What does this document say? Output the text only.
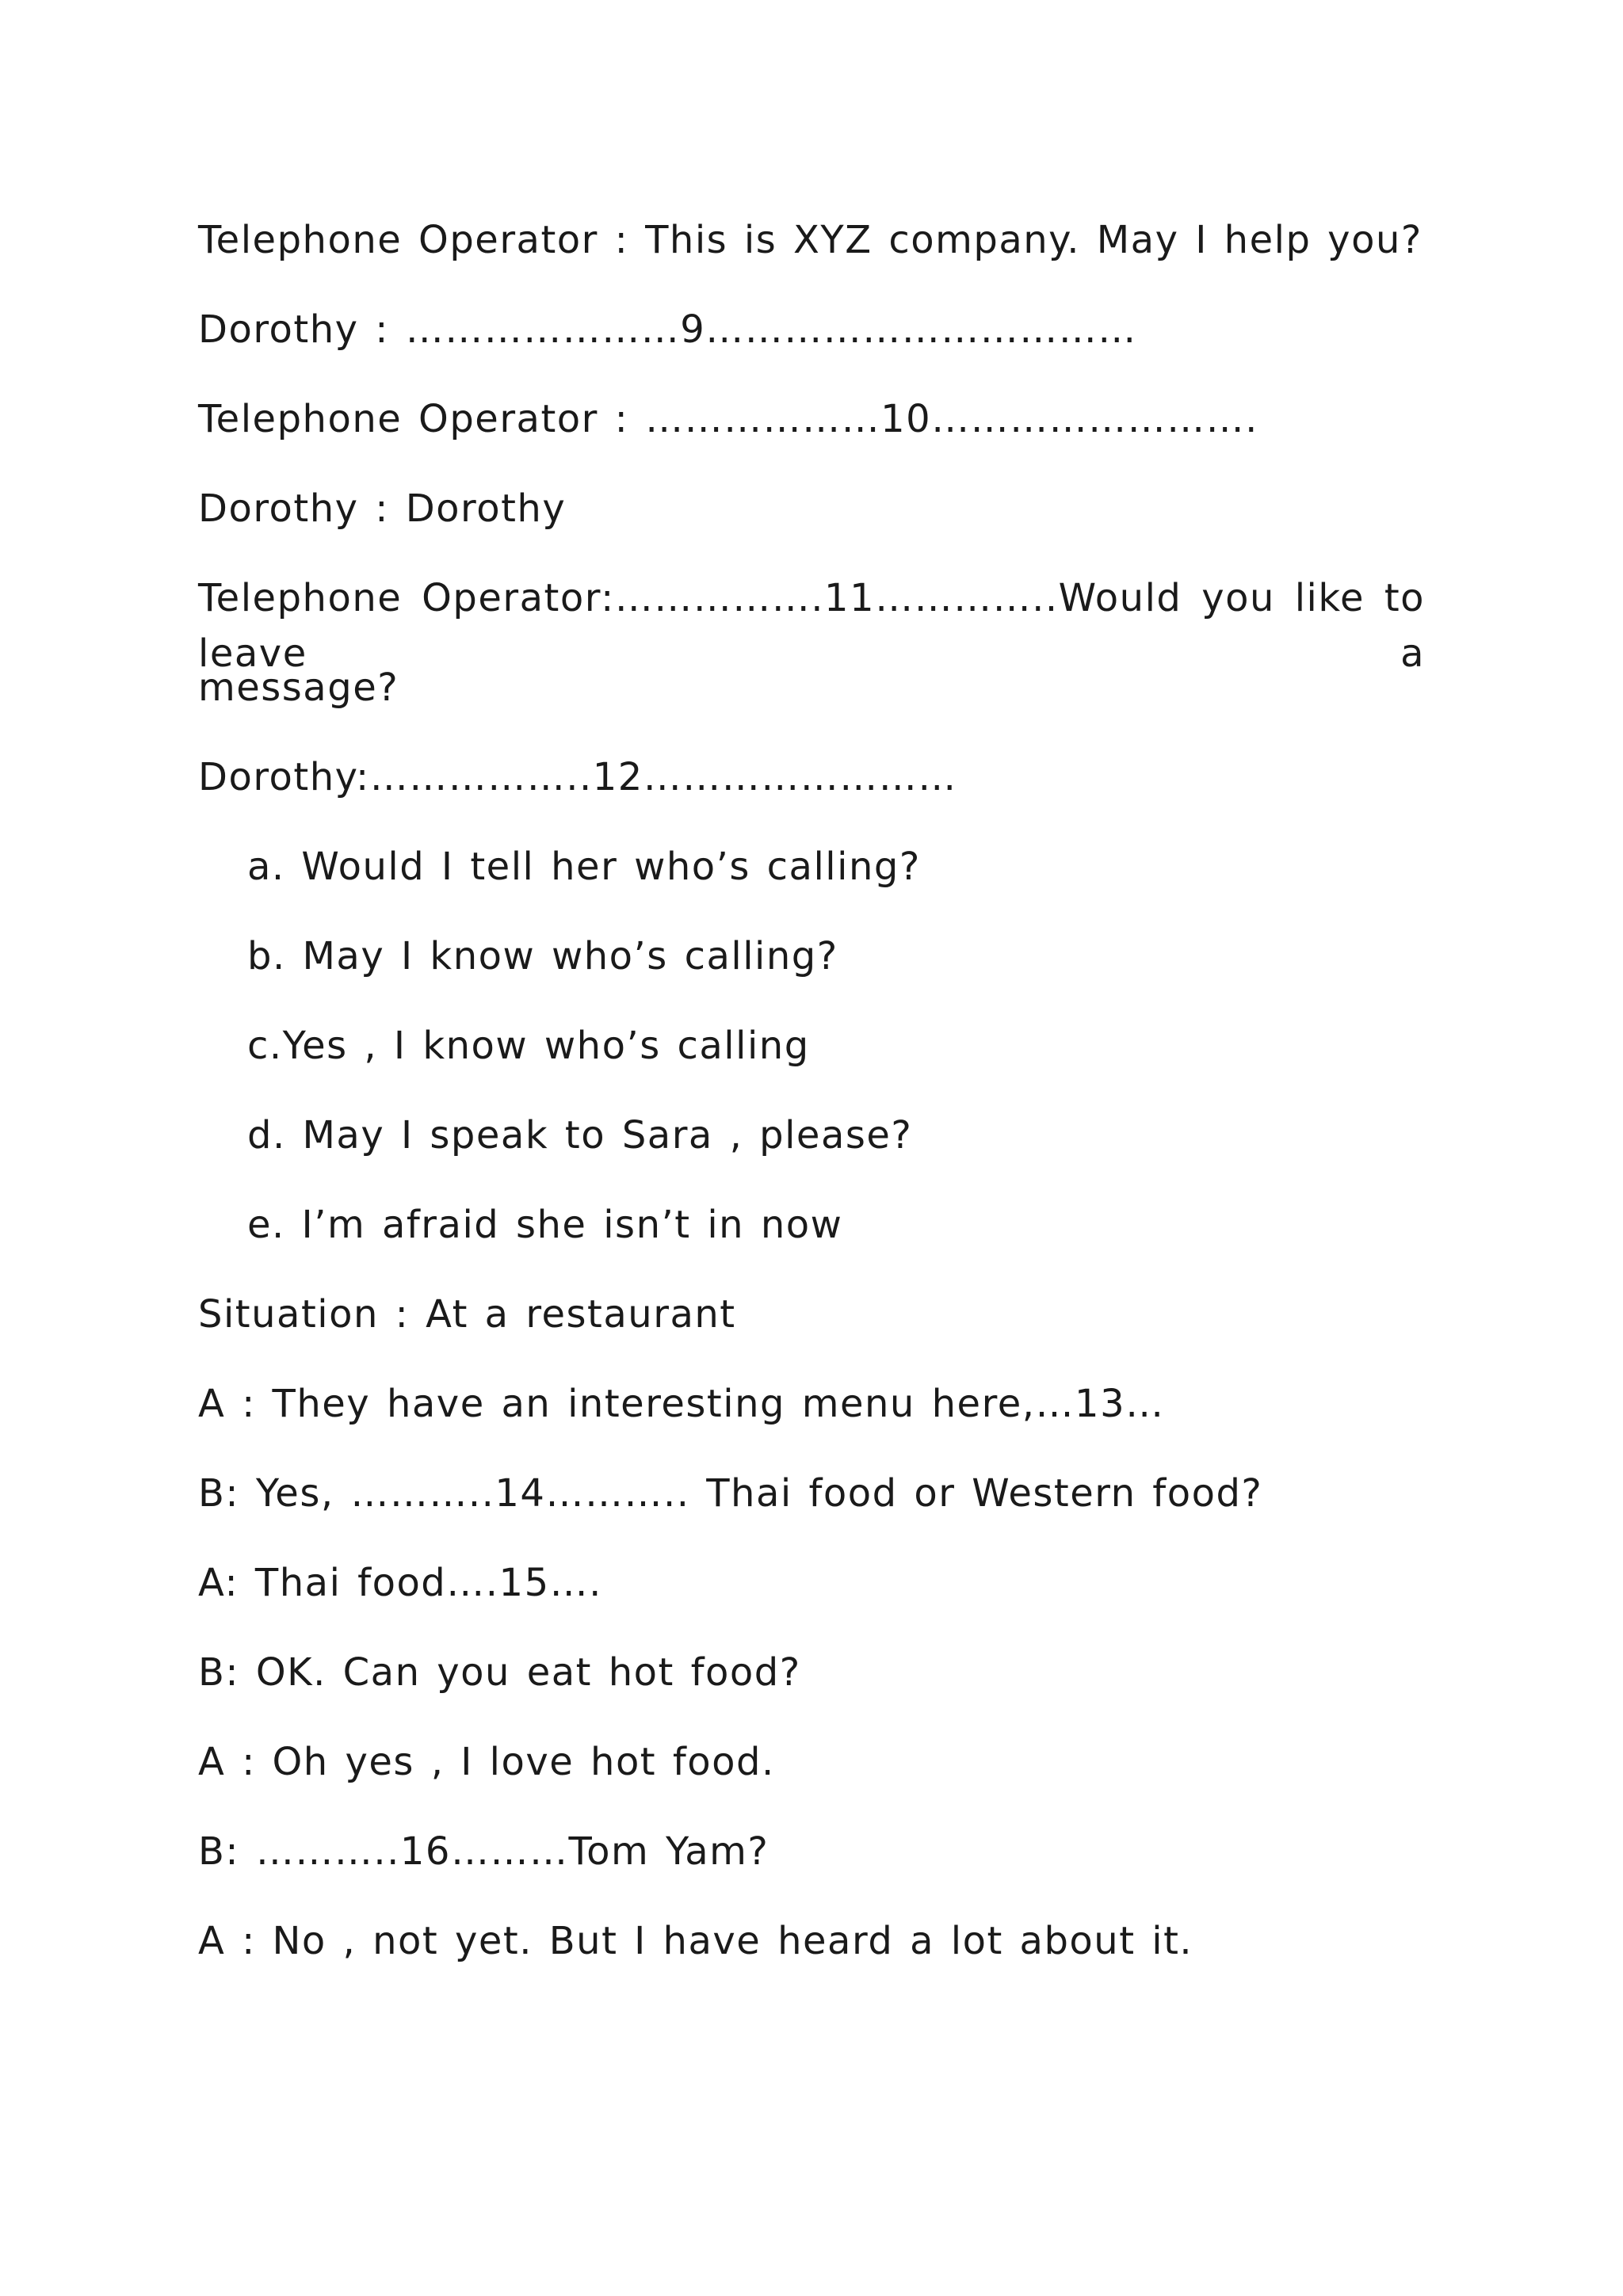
Telephone Operator : This is XYZ company. May I help you?
Dorothy : …………………9……………………………
Telephone Operator : ………………10…………………….
Dorothy : Dorothy
Telephone Operator:…………….11…………..Would you like to leave a
message?
Dorothy:……………..12……………………
a. Would I tell her who’s calling?
b. May I know who’s calling?
c.Yes , I know who’s calling
d. May I speak to Sara , please?
e. I’m afraid she isn’t in now
Situation : At a restaurant
A : They have an interesting menu here,…13…
B: Yes, ………..14……….. Thai food or Western food?
A: Thai food….15….
B: OK. Can you eat hot food?
A : Oh yes , I love hot food.
B: ………..16………Tom Yam?
A : No , not yet. But I have heard a lot about it.
